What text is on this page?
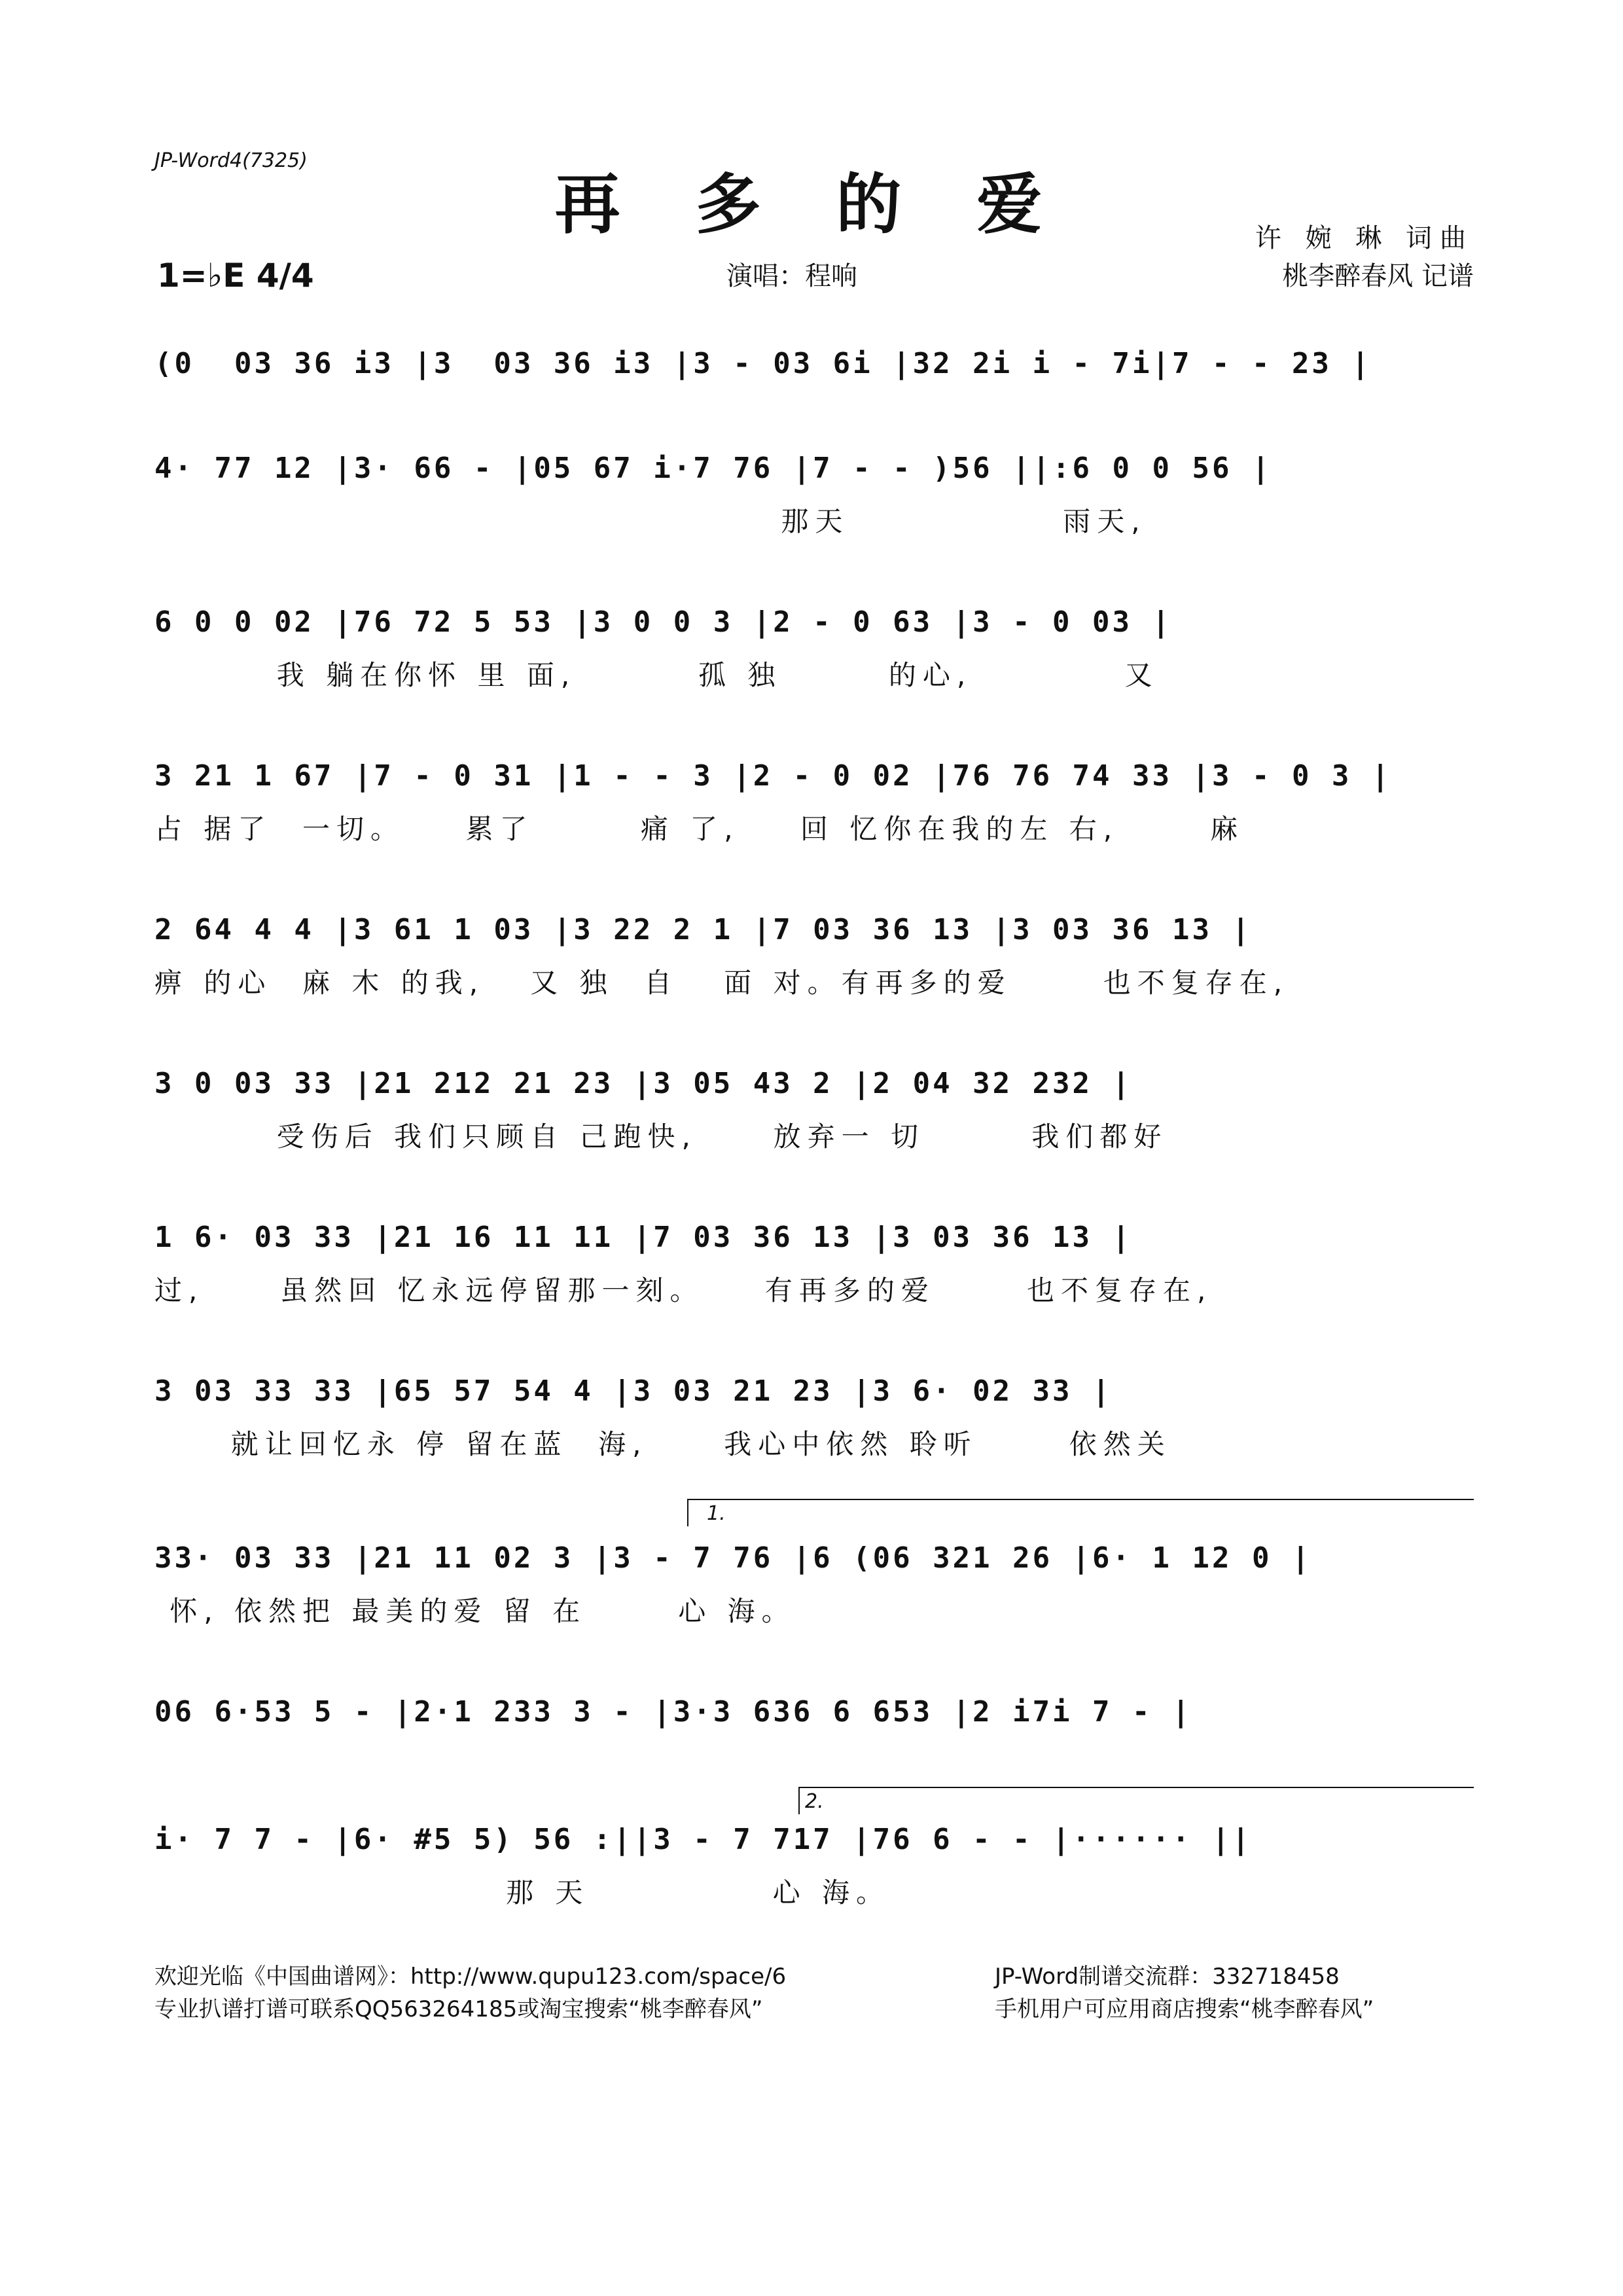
JP-Word4(7325)
再 多 的 爱	许 婉 琳 词曲
1=♭E 4/4	演唱：程响	桃李醉春风 记谱
(0  03 36 i3 |3  03 36 i3 |3 - 03 6i |32 2i i - 7i|7 - - 23 |
4· 77 12 |3· 66 - |05 67 i·7 76 |7 - - )56 ||:6 0 0 56 |
那天              雨天,
6 0 0 02 |76 72 5 53 |3 0 0 3 |2 - 0 63 |3 - 0 03 |
我 躺在你怀 里 面,        孤 独       的心,          又
3 21 1 67 |7 - 0 31 |1 - - 3 |2 - 0 02 |76 76 74 33 |3 - 0 3 |
占 据了  一切。    累了       痛 了,    回 忆你在我的左 右,      麻
2 64 4 4 |3 61 1 03 |3 22 2 1 |7 03 36 13 |3 03 36 13 |
痹 的心  麻 木 的我,   又 独  自   面 对。有再多的爱      也不复存在,
3 0 03 33 |21 212 21 23 |3 05 43 2 |2 04 32 232 |
受伤后 我们只顾自 己跑快,     放弃一 切       我们都好
1 6· 03 33 |21 16 11 11 |7 03 36 13 |3 03 36 13 |
过,     虽然回 忆永远停留那一刻。    有再多的爱      也不复存在,
3 03 33 33 |65 57 54 4 |3 03 21 23 |3 6· 02 33 |
就让回忆永 停 留在蓝  海,     我心中依然 聆听      依然关
33· 03 33 |21 11 02 3 |3 - 7 76 |6 (06 321 26 |6· 1 12 0 |
怀, 依然把 最美的爱 留 在      心 海。
06 6·53 5 - |2·1 233 3 - |3·3 636 6 653 |2 i7i 7 - |
i· 7 7 - |6· #5 5) 56 :||3 - 7 717 |76 6 - - |······ ||
那 天            心 海。
1.
2.
欢迎光临《中国曲谱网》：http://www.qupu123.com/space/6
专业扒谱打谱可联系QQ563264185或淘宝搜索“桃李醉春风”
JP-Word制谱交流群：332718458
手机用户可应用商店搜索“桃李醉春风”
